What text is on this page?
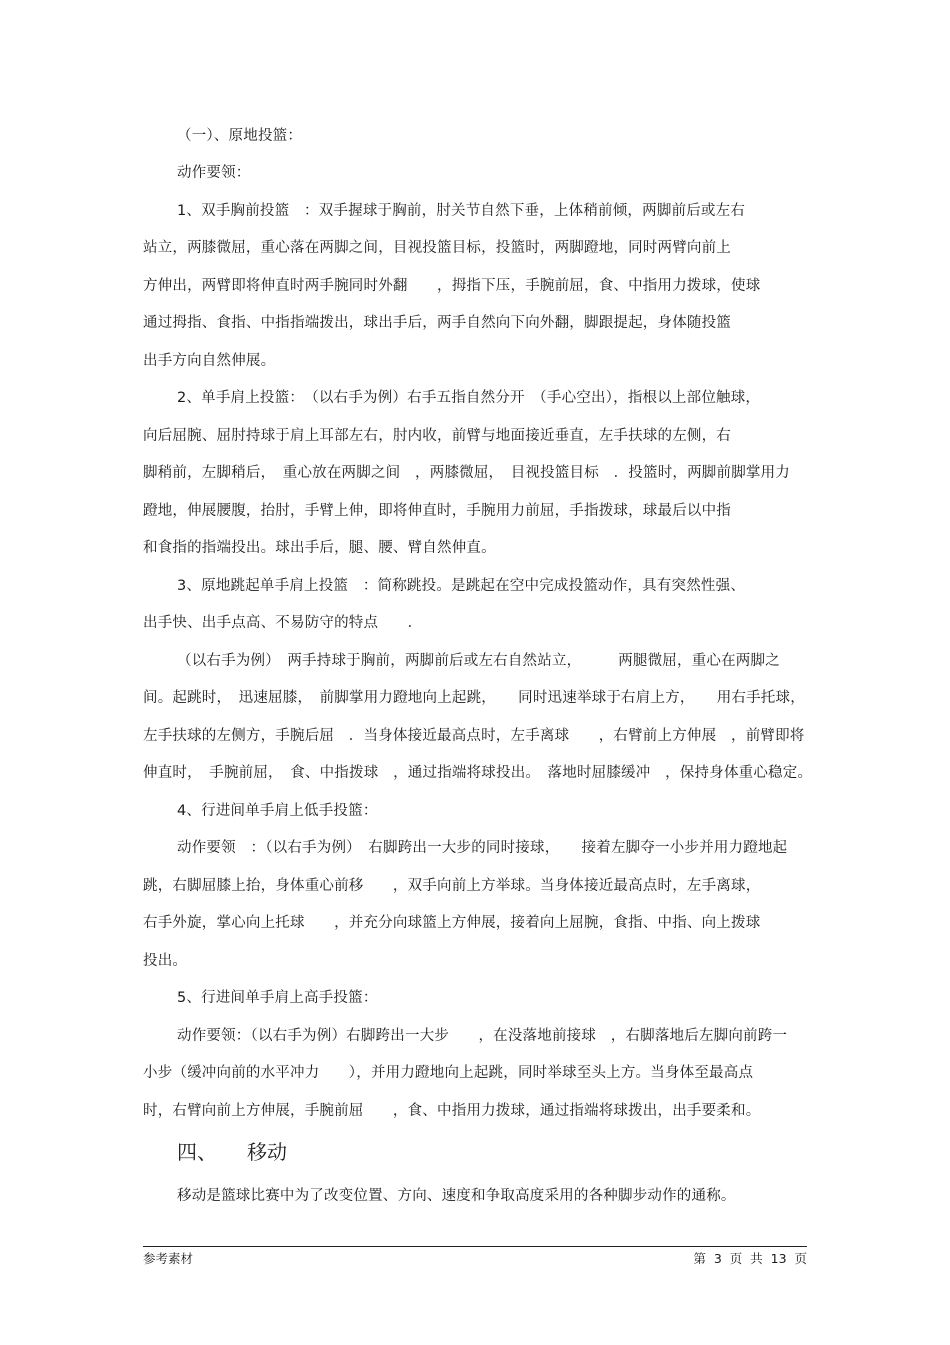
（一）、原地投篮：
动作要领：
1、双手胸前投篮　：双手握球于胸前，肘关节自然下垂，上体稍前倾，两脚前后或左右
站立，两膝微屈，重心落在两脚之间，目视投篮目标，投篮时，两脚蹬地，同时两臂向前上
方伸出，两臂即将伸直时两手腕同时外翻　　，拇指下压，手腕前屈，食、中指用力拨球，使球
通过拇指、食指、中指指端拨出，球出手后，两手自然向下向外翻，脚跟提起，身体随投篮
出手方向自然伸展。
2、单手肩上投篮：　（以右手为例）右手五指自然分开　（手心空出），指根以上部位触球，
向后屈腕、屈肘持球于肩上耳部左右，肘内收，前臂与地面接近垂直，左手扶球的左侧，右
脚稍前，左脚稍后，　重心放在两脚之间　，两膝微屈，　目视投篮目标　．投篮时，两脚前脚掌用力
蹬地，伸展腰腹，抬肘，手臂上伸，即将伸直时，手腕用力前屈，手指拨球，球最后以中指
和食指的指端投出。球出手后，腿、腰、臂自然伸直。
3、原地跳起单手肩上投篮　：简称跳投。是跳起在空中完成投篮动作，具有突然性强、
出手快、出手点高、不易防守的特点　　．
（以右手为例）　两手持球于胸前，两脚前后或左右自然站立，　　　两腿微屈，重心在两脚之
间。起跳时，　迅速屈膝，　前脚掌用力蹬地向上起跳，　　同时迅速举球于右肩上方，　　用右手托球，
左手扶球的左侧方，手腕后屈　．当身体接近最高点时，左手离球　　，右臂前上方伸展　，前臂即将
伸直时，　手腕前屈，　食、中指拨球　，通过指端将球投出。　落地时屈膝缓冲　，保持身体重心稳定。
4、行进间单手肩上低手投篮：
动作要领　：（以右手为例）　右脚跨出一大步的同时接球，　　接着左脚夺一小步并用力蹬地起
跳，右脚屈膝上抬，身体重心前移　　，双手向前上方举球。当身体接近最高点时，左手离球，
右手外旋，掌心向上托球　　，并充分向球篮上方伸展，接着向上屈腕，食指、中指、向上拨球
投出。
5、行进间单手肩上高手投篮：
动作要领：（以右手为例）右脚跨出一大步　　，在没落地前接球　，右脚落地后左脚向前跨一
小步（缓冲向前的水平冲力　　），并用力蹬地向上起跳，同时举球至头上方。当身体至最高点
时，右臂向前上方伸展，手腕前屈　　，食、中指用力拨球，通过指端将球拨出，出手要柔和。
四、　　移动
移动是篮球比赛中为了改变位置、方向、速度和争取高度采用的各种脚步动作的通称。
参考素材	第  3  页  共  13  页
